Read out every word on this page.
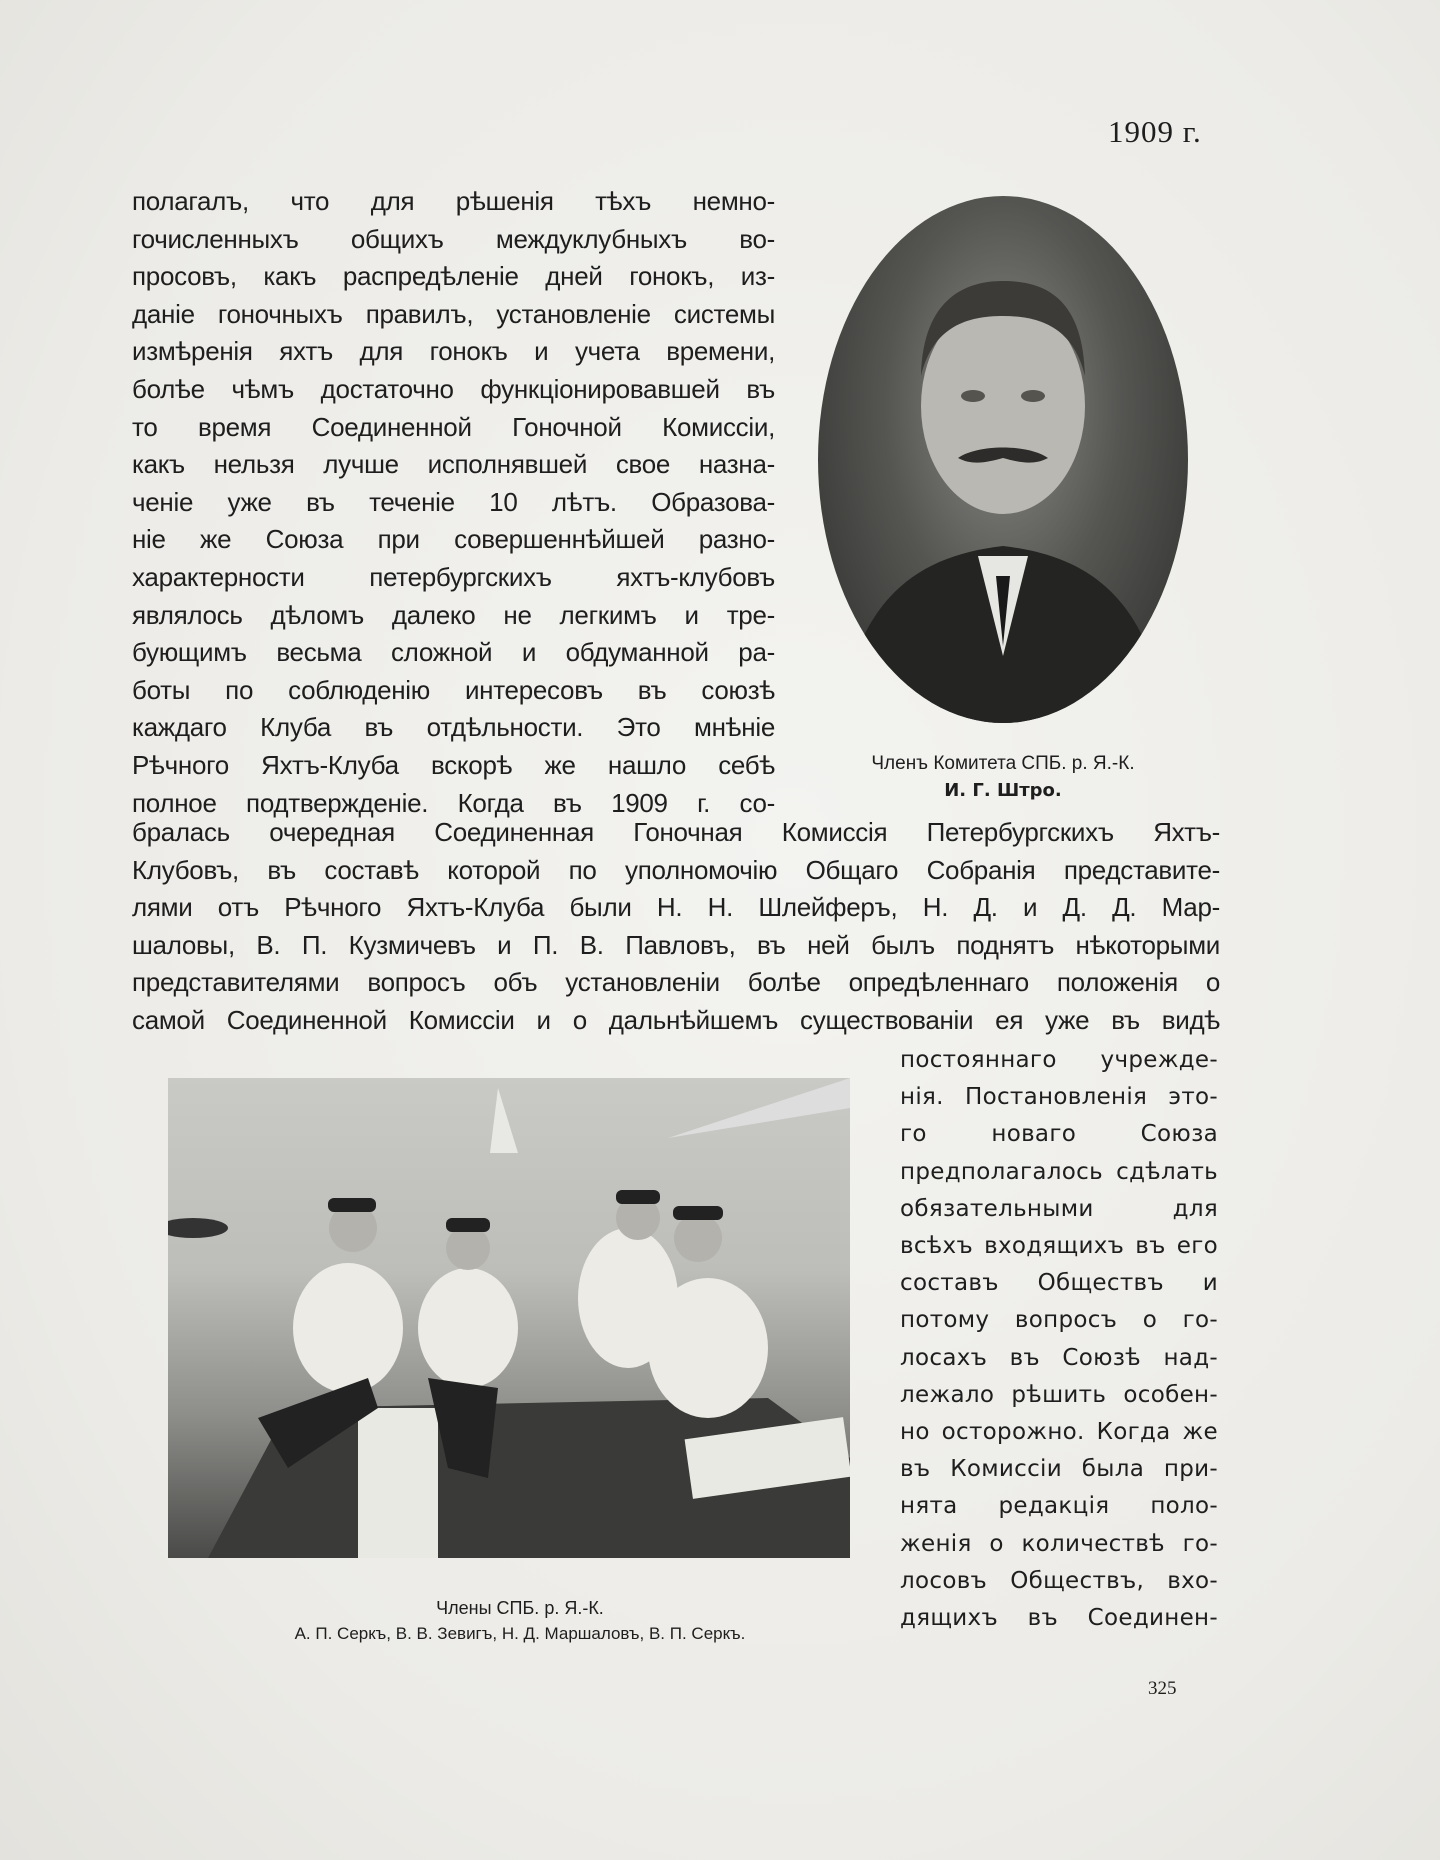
1909 г.
полагалъ, что для рѣшенія тѣхъ немно-
гочисленныхъ общихъ междуклубныхъ во-
просовъ, какъ распредѣленіе дней гонокъ, из-
даніе гоночныхъ правилъ, установленіе системы
измѣренія яхтъ для гонокъ и учета времени,
болѣе чѣмъ достаточно функціонировавшей въ
то время Соединенной Гоночной Комиссіи,
какъ нельзя лучше исполнявшей свое назна-
ченіе уже въ теченіе 10 лѣтъ. Образова-
ніе же Союза при совершеннѣйшей разно-
характерности петербургскихъ яхтъ-клубовъ
являлось дѣломъ далеко не легкимъ и тре-
бующимъ весьма сложной и обдуманной ра-
боты по соблюденію интересовъ въ союзѣ
каждаго Клуба въ отдѣльности. Это мнѣніе
Рѣчного Яхтъ-Клуба вскорѣ же нашло себѣ
полное подтвержденіе. Когда въ 1909 г. со-
Членъ Комитета СПБ. р. Я.-К.
И. Г. Штро.
бралась очередная Соединенная Гоночная Комиссія Петербургскихъ Яхтъ-
Клубовъ, въ составѣ которой по уполномочію Общаго Собранія представите-
лями отъ Рѣчного Яхтъ-Клуба были Н. Н. Шлейферъ, Н. Д. и Д. Д. Мар-
шаловы, В. П. Кузмичевъ и П. В. Павловъ, въ ней былъ поднятъ нѣкоторыми
представителями вопросъ объ установленіи болѣе опредѣленнаго положенія о
самой Соединенной Комиссіи и о дальнѣйшемъ существованіи ея уже въ видѣ
Члены СПБ. р. Я.-К.
А. П. Серкъ, В. В. Зевигъ, Н. Д. Маршаловъ, В. П. Серкъ.
постояннаго учрежде-
нія. Постановленія это-
го новаго Союза
предполагалось сдѣлать
обязательными для
всѣхъ входящихъ въ его
составъ Обществъ и
потому вопросъ о го-
лосахъ въ Союзѣ над-
лежало рѣшить особен-
но осторожно. Когда же
въ Комиссіи была при-
нята редакція поло-
женія о количествѣ го-
лосовъ Обществъ, вхо-
дящихъ въ Соединен-
325
